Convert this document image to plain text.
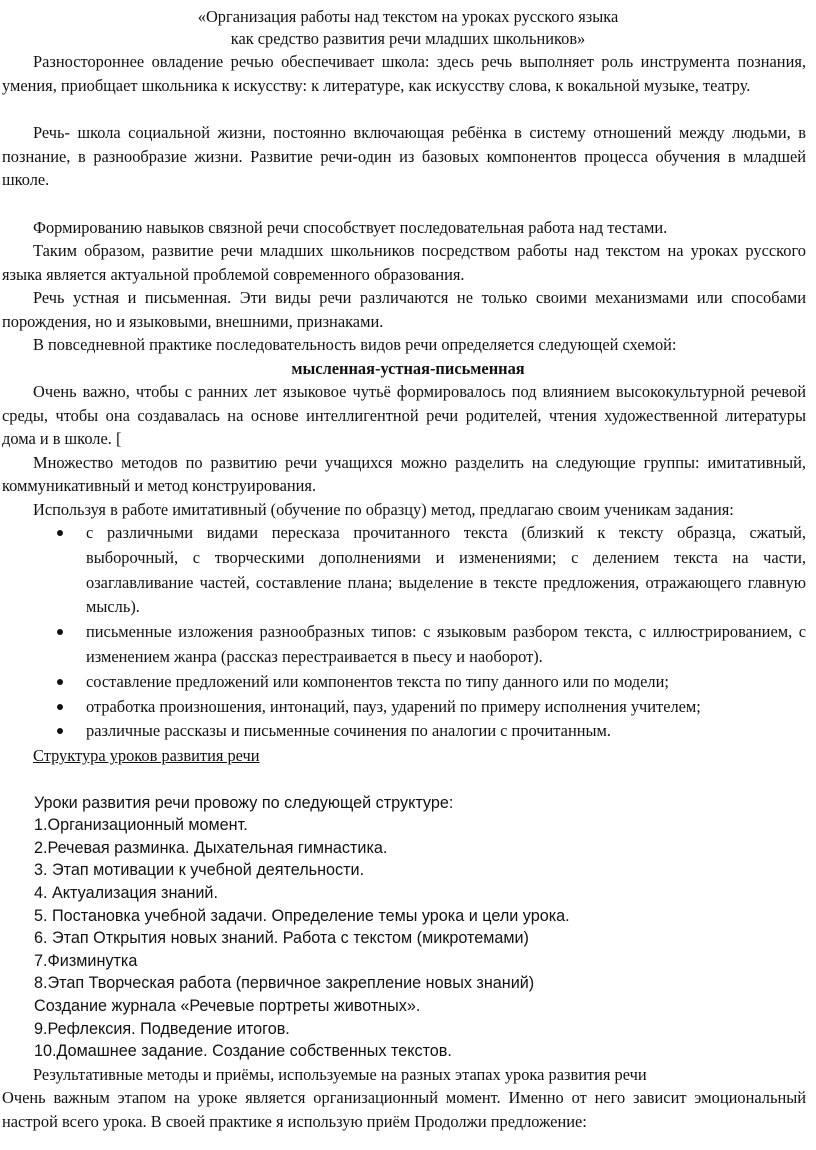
«Организация работы над текстом на уроках русского языка
как средство развития речи младших школьников»

Разностороннее овладение речью обеспечивает школа: здесь речь выполняет роль инструмента познания, умения, приобщает школьника к искусству: к литературе, как искусству слова, к вокальной музыке, театру.

Речь- школа социальной жизни, постоянно включающая ребёнка в систему отношений между людьми, в познание, в разнообразие жизни. Развитие речи-один из базовых компонентов процесса обучения в младшей школе.

Формированию навыков связной речи способствует последовательная работа над тестами.

Таким образом, развитие речи младших школьников посредством работы над текстом на уроках русского языка является актуальной проблемой современного образования.

Речь устная и письменная. Эти виды речи различаются не только своими механизмами или способами порождения, но и языковыми, внешними, признаками.

В повседневной практике последовательность видов речи определяется следующей схемой:

мысленная-устная-письменная

Очень важно, чтобы с ранних лет языковое чутьё формировалось под влиянием высококультурной речевой среды, чтобы она создавалась на основе интеллигентной речи родителей, чтения художественной литературы дома и в школе. [

Множество методов по развитию речи учащихся можно разделить на следующие группы: имитативный, коммуникативный и метод конструирования.

Используя в работе имитативный (обучение по образцу) метод, предлагаю своим ученикам задания:

с различными видами пересказа прочитанного текста (близкий к тексту образца, сжатый, выборочный, с творческими дополнениями и изменениями; с делением текста на части, озаглавливание частей, составление плана; выделение в тексте предложения, отражающего главную мысль).
письменные изложения разнообразных типов: с языковым разбором текста, с иллюстрированием, с изменением жанра (рассказ перестраивается в пьесу и наоборот).
составление предложений или компонентов текста по типу данного или по модели;
отработка произношения, интонаций, пауз, ударений по примеру исполнения учителем;
различные рассказы и письменные сочинения по аналогии с прочитанным.

Структура уроков развития речи

Уроки развития речи провожу по следующей структуре:
1.Организационный момент.
2.Речевая разминка. Дыхательная гимнастика.
3. Этап мотивации к учебной деятельности.
4. Актуализация знаний.
5. Постановка учебной задачи. Определение темы урока и цели урока.
6. Этап Открытия новых знаний. Работа с текстом (микротемами)
7.Физминутка
8.Этап Творческая работа (первичное закрепление новых знаний)
Создание журнала «Речевые портреты животных».
9.Рефлексия. Подведение итогов.
10.Домашнее задание. Создание собственных текстов.

Результативные методы и приёмы, используемые на разных этапах урока развития речи

Очень важным этапом на уроке является организационный момент. Именно от него зависит эмоциональный настрой всего урока. В своей практике я использую приём Продолжи предложение:
